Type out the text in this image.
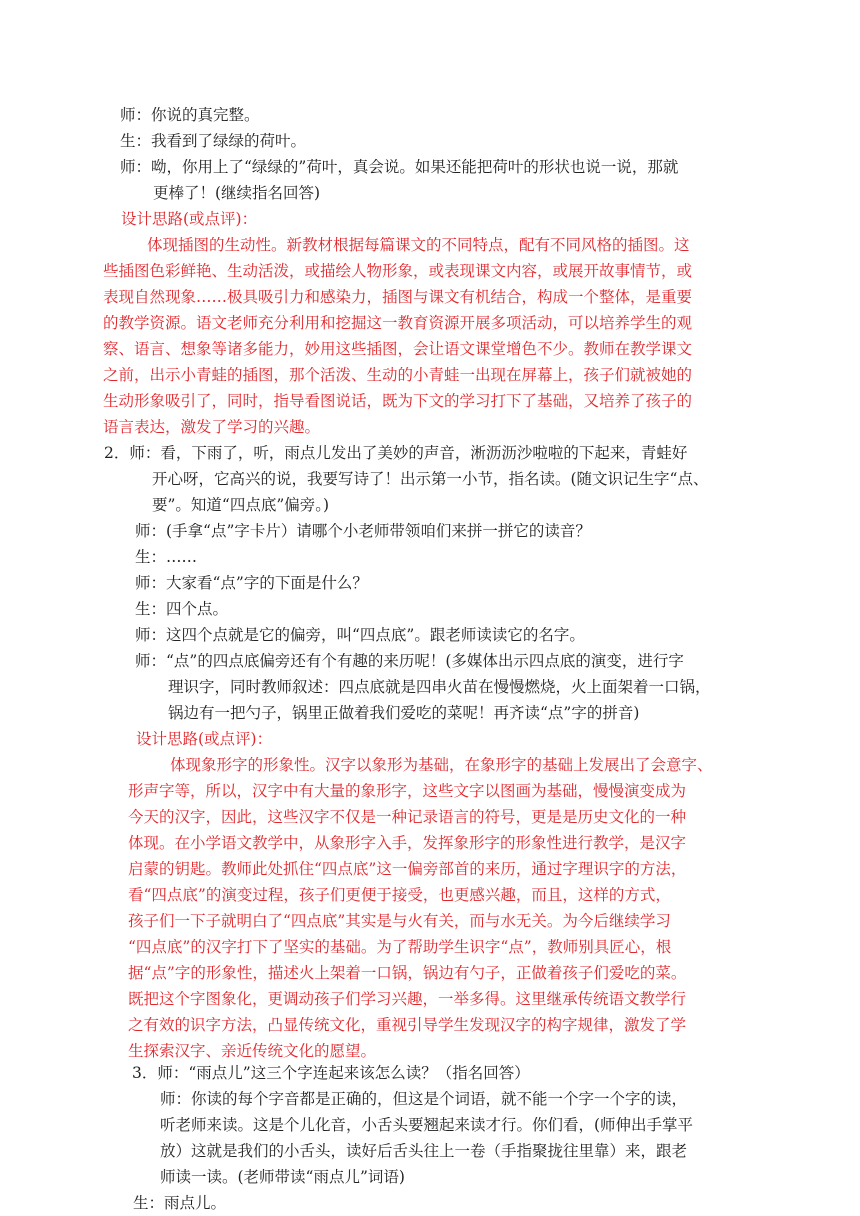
师：你说的真完整。
生：我看到了绿绿的荷叶。
师：呦，你用上了“绿绿的”荷叶，真会说。如果还能把荷叶的形状也说一说，那就
更棒了！(继续指名回答)
设计思路(或点评)：
体现插图的生动性。新教材根据每篇课文的不同特点，配有不同风格的插图。这
些插图色彩鲜艳、生动活泼，或描绘人物形象，或表现课文内容，或展开故事情节，或
表现自然现象……极具吸引力和感染力，插图与课文有机结合，构成一个整体，是重要
的教学资源。语文老师充分利用和挖掘这一教育资源开展多项活动，可以培养学生的观
察、语言、想象等诸多能力，妙用这些插图，会让语文课堂增色不少。教师在教学课文
之前，出示小青蛙的插图，那个活泼、生动的小青蛙一出现在屏幕上，孩子们就被她的
生动形象吸引了，同时，指导看图说话，既为下文的学习打下了基础，又培养了孩子的
语言表达，激发了学习的兴趣。
2．师：看，下雨了，听，雨点儿发出了美妙的声音，淅沥沥沙啦啦的下起来，青蛙好
开心呀，它高兴的说，我要写诗了！出示第一小节，指名读。(随文识记生字“点、
要”。知道“四点底”偏旁。)
师：(手拿“点”字卡片）请哪个小老师带领咱们来拼一拼它的读音？
生：……
师：大家看“点”字的下面是什么？
生：四个点。
师：这四个点就是它的偏旁，叫“四点底”。跟老师读读它的名字。
师：“点”的四点底偏旁还有个有趣的来历呢！(多媒体出示四点底的演变，进行字
理识字，同时教师叙述：四点底就是四串火苗在慢慢燃烧，火上面架着一口锅，
锅边有一把勺子，锅里正做着我们爱吃的菜呢！再齐读“点”字的拼音)
设计思路(或点评)：
体现象形字的形象性。汉字以象形为基础，在象形字的基础上发展出了会意字、
形声字等，所以，汉字中有大量的象形字，这些文字以图画为基础，慢慢演变成为
今天的汉字，因此，这些汉字不仅是一种记录语言的符号，更是是历史文化的一种
体现。在小学语文教学中，从象形字入手，发挥象形字的形象性进行教学，是汉字
启蒙的钥匙。教师此处抓住“四点底”这一偏旁部首的来历，通过字理识字的方法，
看“四点底”的演变过程，孩子们更便于接受，也更感兴趣，而且，这样的方式，
孩子们一下子就明白了“四点底”其实是与火有关，而与水无关。为今后继续学习
“四点底”的汉字打下了坚实的基础。为了帮助学生识字“点”，教师别具匠心，根
据“点”字的形象性，描述火上架着一口锅，锅边有勺子，正做着孩子们爱吃的菜。
既把这个字图象化，更调动孩子们学习兴趣，一举多得。这里继承传统语文教学行
之有效的识字方法，凸显传统文化，重视引导学生发现汉字的构字规律，激发了学
生探索汉字、亲近传统文化的愿望。
3．师：“雨点儿”这三个字连起来该怎么读？（指名回答）
师：你读的每个字音都是正确的，但这是个词语，就不能一个字一个字的读，
听老师来读。这是个儿化音，小舌头要翘起来读才行。你们看，(师伸出手掌平
放）这就是我们的小舌头，读好后舌头往上一卷（手指聚拢往里靠）来，跟老
师读一读。(老师带读“雨点儿”词语)
生：雨点儿。
